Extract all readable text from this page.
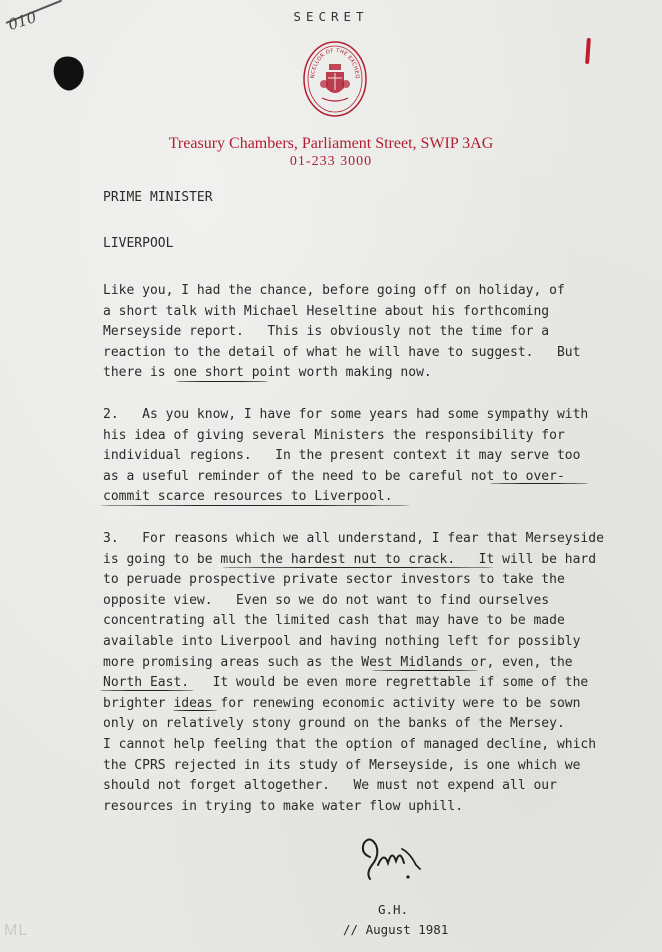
010	SECRET
NCELLOR OF THE EXCHEQ
Treasury Chambers, Parliament Street, SWIP 3AG
01-233 3000
PRIME MINISTER
LIVERPOOL
Like you, I had the chance, before going off on holiday, of
a short talk with Michael Heseltine about his forthcoming
Merseyside report.   This is obviously not the time for a
reaction to the detail of what he will have to suggest.   But
there is one short point worth making now.
2.   As you know, I have for some years had some sympathy with
his idea of giving several Ministers the responsibility for
individual regions.   In the present context it may serve too
as a useful reminder of the need to be careful not to over-
commit scarce resources to Liverpool.
3.   For reasons which we all understand, I fear that Merseyside
is going to be much the hardest nut to crack.   It will be hard
to peruade prospective private sector investors to take the
opposite view.   Even so we do not want to find ourselves
concentrating all the limited cash that may have to be made
available into Liverpool and having nothing left for possibly
more promising areas such as the West Midlands or, even, the
North East.   It would be even more regrettable if some of the
brighter ideas for renewing economic activity were to be sown
only on relatively stony ground on the banks of the Mersey.
I cannot help feeling that the option of managed decline, which
the CPRS rejected in its study of Merseyside, is one which we
should not forget altogether.   We must not expend all our
resources in trying to make water flow uphill.
G.H.
// August 1981
ML
